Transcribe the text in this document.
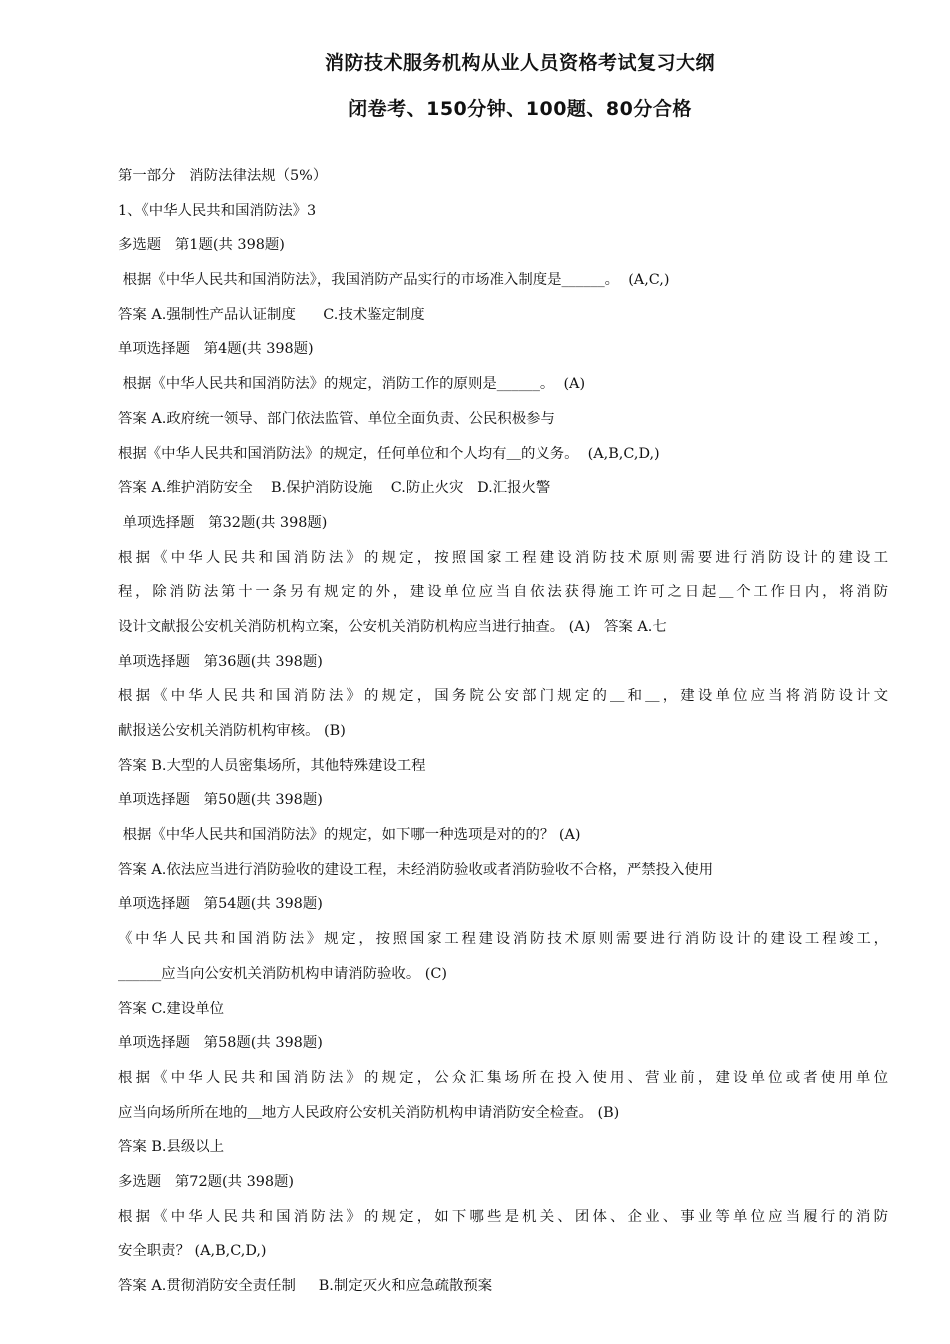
消防技术服务机构从业人员资格考试复习大纲
闭卷考、150分钟、100题、80分合格
第一部分   消防法律法规（5%）
1、《中华人民共和国消防法》3
多选题   第1题(共 398题)
根据《中华人民共和国消防法》，我国消防产品实行的市场准入制度是______。  (A,C,)
答案 A.强制性产品认证制度      C.技术鉴定制度
单项选择题   第4题(共 398题)
根据《中华人民共和国消防法》的规定，消防工作的原则是______。  (A)
答案 A.政府统一领导、部门依法监管、单位全面负责、公民积极参与
根据《中华人民共和国消防法》的规定，任何单位和个人均有＿的义务。  (A,B,C,D,)
答案 A.维护消防安全    B.保护消防设施    C.防止火灾   D.汇报火警
单项选择题   第32题(共 398题)
根据《中华人民共和国消防法》的规定，按照国家工程建设消防技术原则需要进行消防设计的建设工
程，除消防法第十一条另有规定的外，建设单位应当自依法获得施工许可之日起＿个工作日内，将消防
设计文献报公安机关消防机构立案，公安机关消防机构应当进行抽查。 (A)   答案 A.七
单项选择题   第36题(共 398题)
根据《中华人民共和国消防法》的规定，国务院公安部门规定的＿和＿，建设单位应当将消防设计文
献报送公安机关消防机构审核。 (B)
答案 B.大型的人员密集场所，其他特殊建设工程
单项选择题   第50题(共 398题)
根据《中华人民共和国消防法》的规定，如下哪一种选项是对的的？ (A)
答案 A.依法应当进行消防验收的建设工程，未经消防验收或者消防验收不合格，严禁投入使用
单项选择题   第54题(共 398题)
《中华人民共和国消防法》规定，按照国家工程建设消防技术原则需要进行消防设计的建设工程竣工，
______应当向公安机关消防机构申请消防验收。 (C)
答案 C.建设单位
单项选择题   第58题(共 398题)
根据《中华人民共和国消防法》的规定，公众汇集场所在投入使用、营业前，建设单位或者使用单位
应当向场所所在地的＿地方人民政府公安机关消防机构申请消防安全检查。 (B)
答案 B.县级以上
多选题   第72题(共 398题)
根据《中华人民共和国消防法》的规定，如下哪些是机关、团体、企业、事业等单位应当履行的消防
安全职责？ (A,B,C,D,)
答案 A.贯彻消防安全责任制     B.制定灭火和应急疏散预案
